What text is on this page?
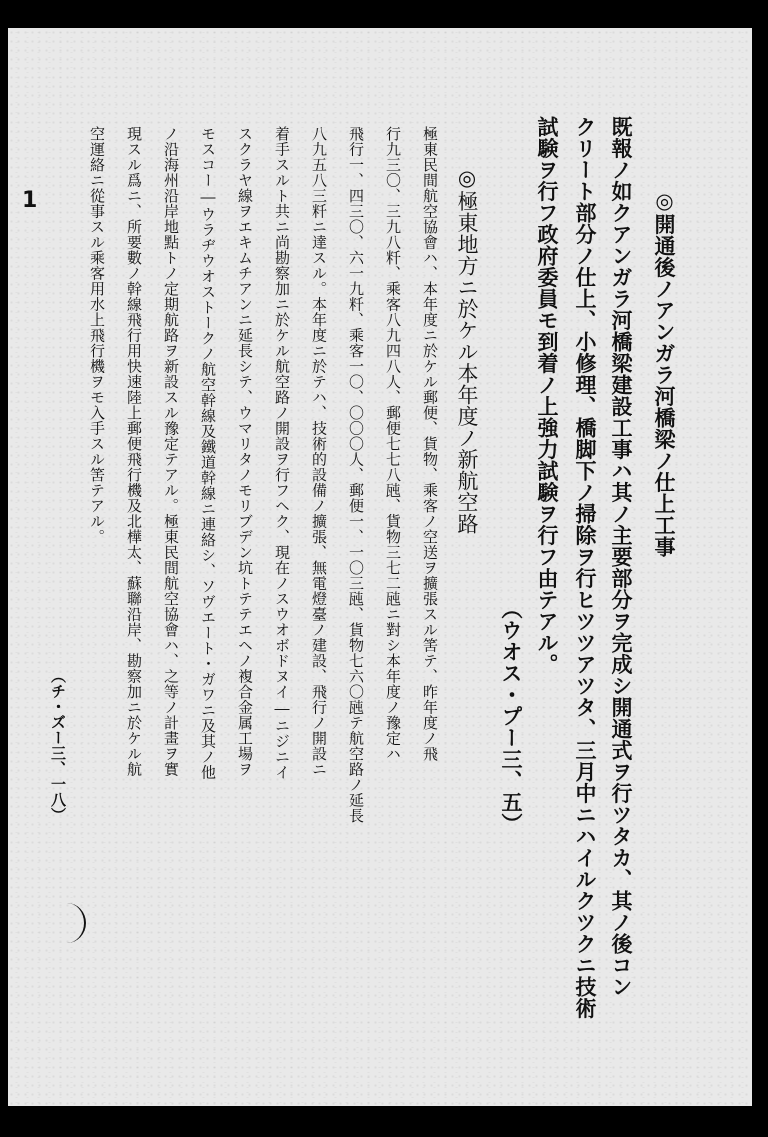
◎開通後ノアンガラ河橋梁ノ仕上工事
既報ノ如クアンガラ河橋梁建設工事ハ其ノ主要部分ヲ完成シ開通式ヲ行ツタカ、其ノ後コン
クリート部分ノ仕上、小修理、橋脚下ノ掃除ヲ行ヒツツアツタ、三月中ニハイルクツクニ技術
試験ヲ行フ政府委員モ到着ノ上強力試験ヲ行フ由テアル。
（ウオス・プー三、五）
◎極東地方ニ於ケル本年度ノ新航空路
極東民間航空協會ハ、本年度ニ於ケル郵便、貨物、乘客ノ空送ヲ擴張スル筈テ、昨年度ノ飛
行九三〇、三九八粁、乘客八九四八人、郵便七七八瓲、貨物三七二瓲ニ對シ本年度ノ豫定ハ
飛行一、四三〇、六一九粁、乘客一〇、〇〇〇人、郵便一、一〇三瓲、貨物七六〇瓲テ航空路ノ延長
八九五八三粁ニ達スル。本年度ニ於テハ、技術的設備ノ擴張、無電燈臺ノ建設、飛行ノ開設ニ
着手スルト共ニ尚勘察加ニ於ケル航空路ノ開設ヲ行フヘク、現在ノスウオボドヌイ―ニジニイ
スクラヤ線ヲエキムチアンニ延長シテ、ウマリタノモリブデン坑トテテエヘノ複合金属工場ヲ
モスコー―ウラヂウオストークノ航空幹線及鐵道幹線ニ連絡シ、ソヴエート・ガワニ及其ノ他
ノ沿海州沿岸地點トノ定期航路ヲ新設スル豫定テアル。極東民間航空協會ハ、之等ノ計畫ヲ實
現スル爲ニ、所要數ノ幹線飛行用快速陸上郵便飛行機及北樺太、蘇聯沿岸、勘察加ニ於ケル航
空運絡ニ從事スル乘客用水上飛行機ヲモ入手スル筈テアル。
（チ・ズー三、一八）
1
